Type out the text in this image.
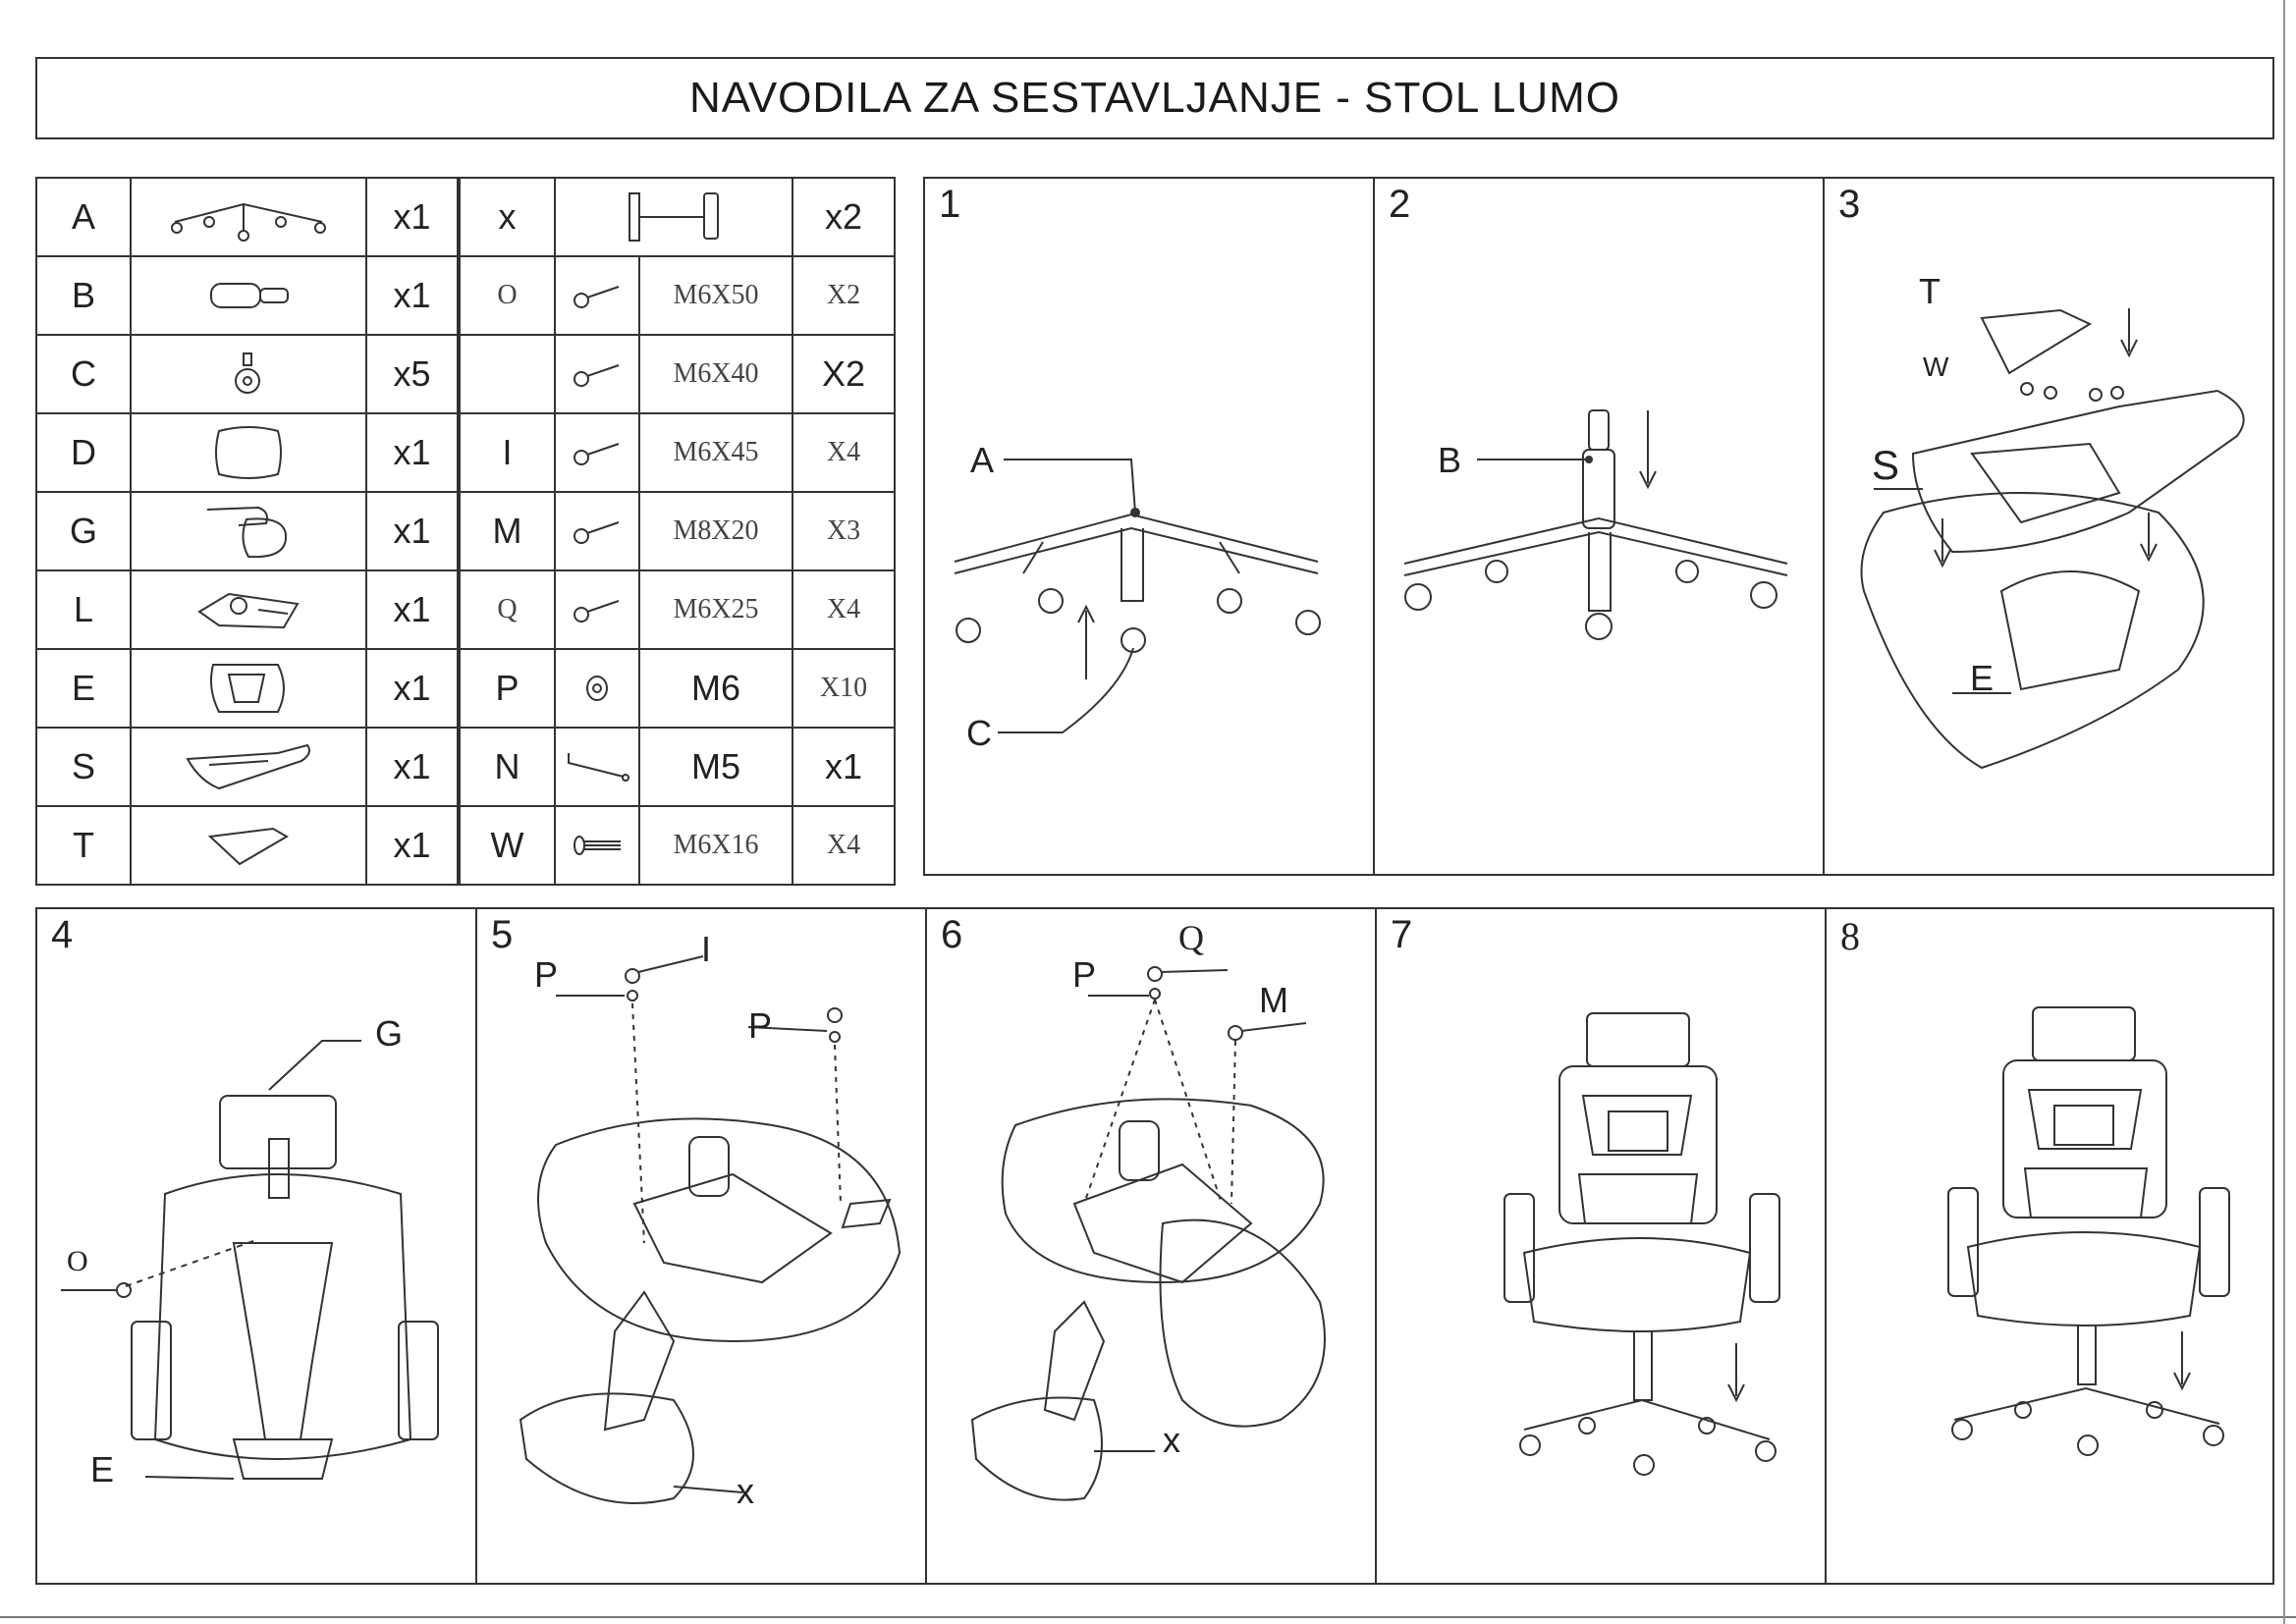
NAVODILA ZA SESTAVLJANJE - STOL LUMO
A		x1	x			x2
B		x1	O		M6X50	X2
C		x5			M6X40	X2
D		x1	I		M6X45	X4
G		x1	M		M8X20	X3
L		x1	Q		M6X25	X4
E		x1	P		M6	X10
S		x1	N		M5	x1
T		x1	W		M6X16	X4
1
A
C
2
B
3
T
W
S
E
4
G
O
E
5
P
I
P
x
6
P
Q
M
x
7	8
